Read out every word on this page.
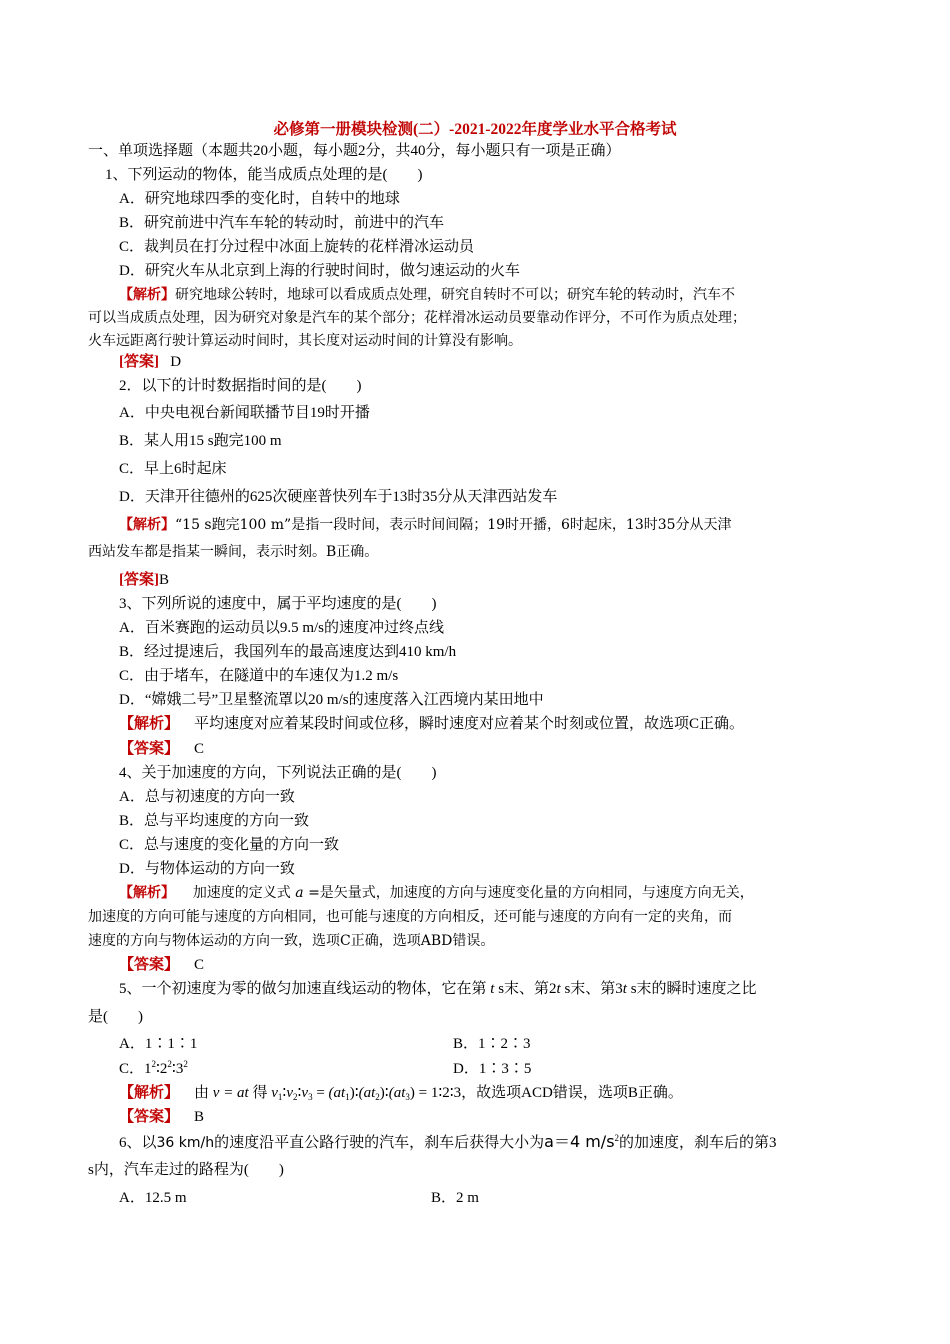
必修第一册模块检测(二）-2021-2022年度学业水平合格考试
一、单项选择题（本题共20小题，每小题2分，共40分，每小题只有一项是正确）
1、下列运动的物体，能当成质点处理的是(　　)
A．研究地球四季的变化时，自转中的地球
B．研究前进中汽车车轮的转动时，前进中的汽车
C．裁判员在打分过程中冰面上旋转的花样滑冰运动员
D．研究火车从北京到上海的行驶时间时，做匀速运动的火车
【解析】研究地球公转时，地球可以看成质点处理，研究自转时不可以；研究车轮的转动时，汽车不
可以当成质点处理，因为研究对象是汽车的某个部分；花样滑冰运动员要靠动作评分，不可作为质点处理；
火车远距离行驶计算运动时间时，其长度对运动时间的计算没有影响。
[答案] D
2．以下的计时数据指时间的是(　　)
A．中央电视台新闻联播节目19时开播
B．某人用15 s跑完100 m
C．早上6时起床
D．天津开往德州的625次硬座普快列车于13时35分从天津西站发车
【解析】“15 s跑完100 m”是指一段时间，表示时间间隔；19时开播，6时起床，13时35分从天津
西站发车都是指某一瞬间，表示时刻。B正确。
[答案]B
3、下列所说的速度中，属于平均速度的是(　　)
A．百米赛跑的运动员以9.5 m/s的速度冲过终点线
B．经过提速后，我国列车的最高速度达到410 km/h
C．由于堵车，在隧道中的车速仅为1.2 m/s
D．“嫦娥二号”卫星整流罩以20 m/s的速度落入江西境内某田地中
【解析】 平均速度对应着某段时间或位移，瞬时速度对应着某个时刻或位置，故选项C正确。
【答案】 C
4、关于加速度的方向，下列说法正确的是(　　)
A．总与初速度的方向一致
B．总与平均速度的方向一致
C．总与速度的变化量的方向一致
D．与物体运动的方向一致
【解析】 加速度的定义式 a =是矢量式，加速度的方向与速度变化量的方向相同，与速度方向无关，
加速度的方向可能与速度的方向相同，也可能与速度的方向相反，还可能与速度的方向有一定的夹角，而
速度的方向与物体运动的方向一致，选项C正确，选项ABD错误。
【答案】 C
5、一个初速度为零的做匀加速直线运动的物体，它在第 t s末、第2t s末、第3t s末的瞬时速度之比
是(　　)
A．1∶1∶1	B．1∶2∶3
C．$1^2∶2^2∶3^2$	D．1∶3∶5
【解析】 由 v = at 得 $v_1∶v_2∶v_3$ = $(at_1)∶(at_2)∶(at_3)$ = 1∶2∶3，故选项ACD错误，选项B正确。
【答案】 B
6、以36 km/h的速度沿平直公路行驶的汽车，刹车后获得大小为a＝4 $m/s^2$的加速度，刹车后的第3
s内，汽车走过的路程为(　　)
A．12.5 m	B．2 m
